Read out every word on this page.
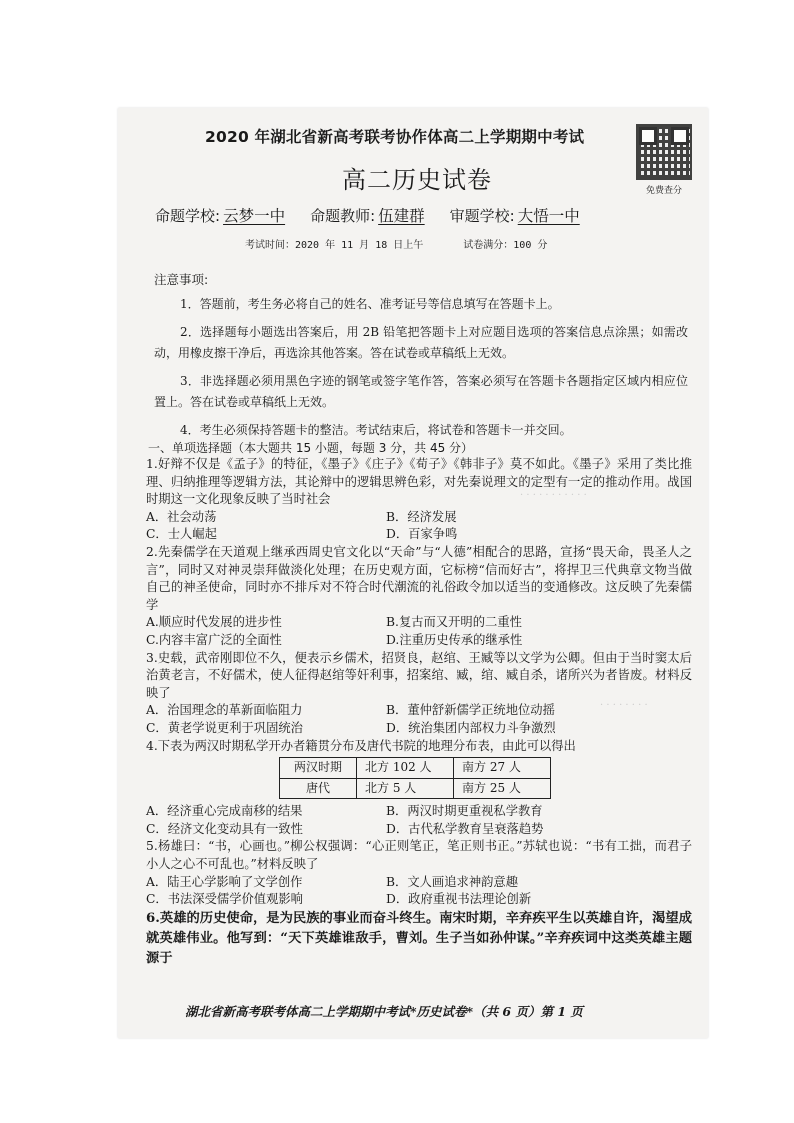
· · · · · · · · · · ·
· · · · · · · ·
2020 年湖北省新高考联考协作体高二上学期期中考试
免费查分
高二历史试卷
命题学校: 云梦一中 命题教师: 伍建群 审题学校: 大悟一中
考试时间：2020 年 11 月 18 日上午	试卷满分：100 分
注意事项:

1．答题前，考生务必将自己的姓名、准考证号等信息填写在答题卡上。

2．选择题每小题选出答案后，用 2B 铅笔把答题卡上对应题目选项的答案信息点涂黑；如需改动，用橡皮擦干净后，再选涂其他答案。答在试卷或草稿纸上无效。

3．非选择题必须用黑色字迹的钢笔或签字笔作答，答案必须写在答题卡各题指定区域内相应位置上。答在试卷或草稿纸上无效。

4．考生必须保持答题卡的整洁。考试结束后，将试卷和答题卡一并交回。

一、单项选择题（本大题共 15 小题，每题 3 分，共 45 分）

1.好辩不仅是《孟子》的特征，《墨子》《庄子》《荀子》《韩非子》莫不如此。《墨子》采用了类比推理、归纳推理等逻辑方法，其论辩中的逻辑思辨色彩，对先秦说理文的定型有一定的推动作用。战国时期这一文化现象反映了当时社会

A．社会动荡	B．经济发展
C．士人崛起	D．百家争鸣

2.先秦儒学在天道观上继承西周史官文化以“天命”与“人德”相配合的思路，宣扬“畏天命，畏圣人之言”，同时又对神灵崇拜做淡化处理；在历史观方面，它标榜“信而好古”，将捍卫三代典章文物当做自己的神圣使命，同时亦不排斥对不符合时代潮流的礼俗政令加以适当的变通修改。这反映了先秦儒学

A.顺应时代发展的进步性	B.复古而又开明的二重性
C.内容丰富广泛的全面性	D.注重历史传承的继承性

3.史载，武帝刚即位不久，便表示乡儒术，招贤良，赵绾、王臧等以文学为公卿。但由于当时窦太后治黄老言，不好儒术，使人征得赵绾等奸利事，招案绾、臧，绾、臧自杀，诸所兴为者皆废。材料反映了

A．治国理念的革新面临阻力	B．董仲舒新儒学正统地位动摇
C．黄老学说更利于巩固统治	D．统治集团内部权力斗争激烈

4.下表为两汉时期私学开办者籍贯分布及唐代书院的地理分布表，由此可以得出

两汉时期	北方 102 人	南方 27 人
唐代	北方 5 人	南方 25 人
A．经济重心完成南移的结果	B．两汉时期更重视私学教育
C．经济文化变动具有一致性	D．古代私学教育呈衰落趋势

5.杨雄曰：“书，心画也。”柳公权强调：“心正则笔正，笔正则书正。”苏轼也说：“书有工拙，而君子小人之心不可乱也。”材料反映了

A．陆王心学影响了文学创作	B．文人画追求神韵意趣
C．书法深受儒学价值观影响	D．政府重视书法理论创新

6.英雄的历史使命，是为民族的事业而奋斗终生。南宋时期，辛弃疾平生以英雄自许，渴望成就英雄伟业。他写到：“天下英雄谁敌手，曹刘。生子当如孙仲谋。”辛弃疾词中这类英雄主题源于

湖北省新高考联考体高二上学期期中考试*历史试卷*（共 6 页）第 1 页
